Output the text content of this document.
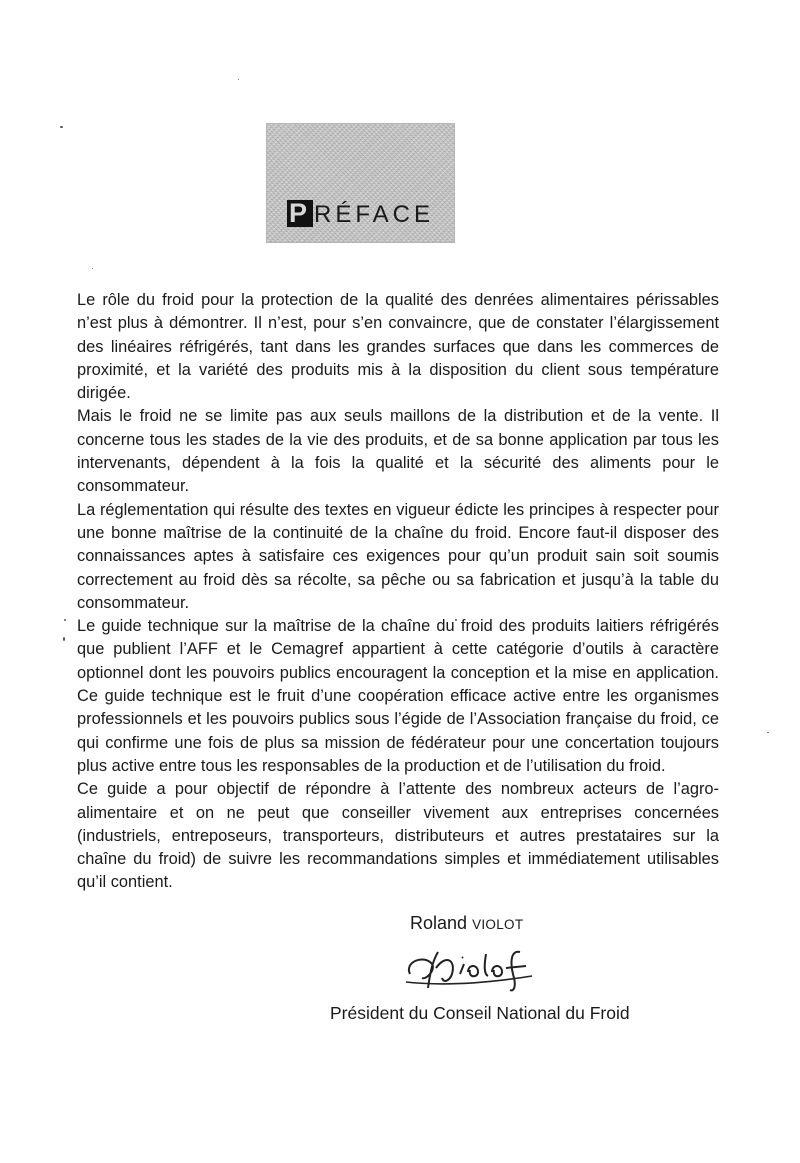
P RÉFACE

Le rôle du froid pour la protection de la qualité des denrées alimentaires périssables n’est plus à démontrer. Il n’est, pour s’en convaincre, que de constater l’élargissement des linéaires réfrigérés, tant dans les grandes surfaces que dans les commerces de proximité, et la variété des produits mis à la disposition du client sous température dirigée.

Mais le froid ne se limite pas aux seuls maillons de la distribution et de la vente. Il concerne tous les stades de la vie des produits, et de sa bonne application par tous les intervenants, dépendent à la fois la qualité et la sécurité des aliments pour le consommateur.

La réglementation qui résulte des textes en vigueur édicte les principes à respecter pour une bonne maîtrise de la continuité de la chaîne du froid. Encore faut-il disposer des connaissances aptes à satisfaire ces exigences pour qu’un produit sain soit soumis correctement au froid dès sa récolte, sa pêche ou sa fabrication et jusqu’à la table du consommateur.

Le guide technique sur la maîtrise de la chaîne du froid des produits laitiers réfrigérés que publient l’AFF et le Cemagref appartient à cette catégorie d’outils à caractère optionnel dont les pouvoirs publics encouragent la conception et la mise en application. Ce guide technique est le fruit d’une coopération efficace active entre les organismes professionnels et les pouvoirs publics sous l’égide de l’Association française du froid, ce qui confirme une fois de plus sa mission de fédérateur pour une concertation toujours plus active entre tous les responsables de la production et de l’utilisation du froid.

Ce guide a pour objectif de répondre à l’attente des nombreux acteurs de l’agro-alimentaire et on ne peut que conseiller vivement aux entreprises concernées (industriels, entreposeurs, transporteurs, distributeurs et autres prestataires sur la chaîne du froid) de suivre les recommandations simples et immédiatement utilisables qu’il contient.

Roland VIOLOT
Président du Conseil National du Froid
